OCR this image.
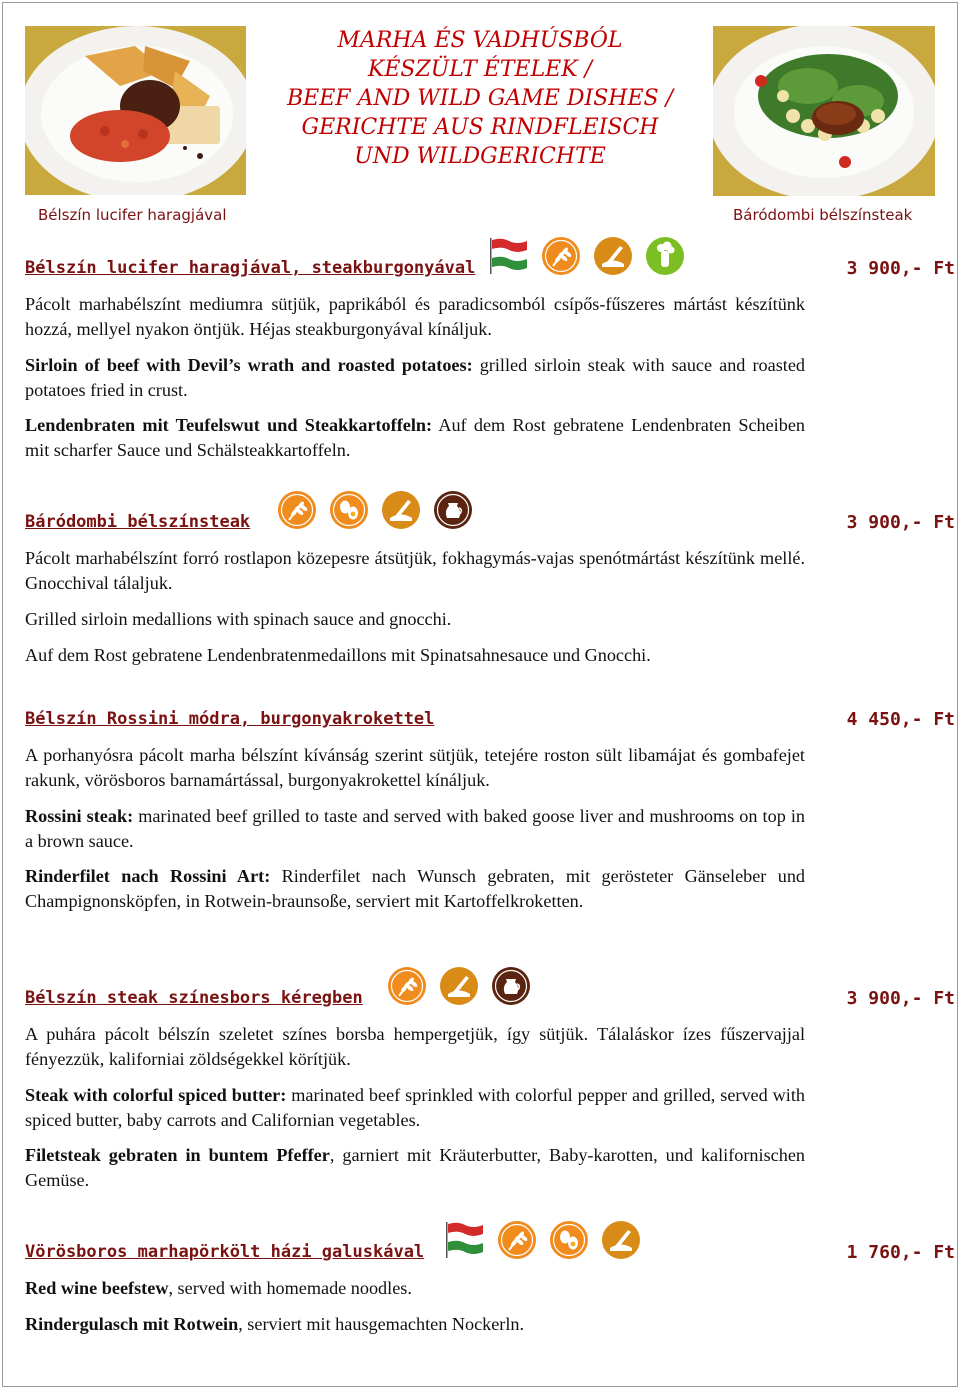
Bélszín lucifer haragjával	Báródombi bélszínsteak
MARHA ÉS VADHÚSBÓL
KÉSZÜLT ÉTELEK /
BEEF AND WILD GAME DISHES /
GERICHTE AUS RINDFLEISCH
UND WILDGERICHTE
Bélszín lucifer haragjával, steakburgonyával	3 900,- Ft
Pácolt marhabélszínt mediumra sütjük, paprikából és paradicsomból csípős-fűszeres mártást készítünk hozzá, mellyel nyakon öntjük. Héjas steakburgonyával kínáljuk.
Sirloin of beef with Devil’s wrath and roasted potatoes: grilled sirloin steak with sauce and roasted potatoes fried in crust.
Lendenbraten mit Teufelswut und Steakkartoffeln: Auf dem Rost gebratene Lendenbraten Scheiben mit scharfer Sauce und Schälsteakkartoffeln.
Báródombi bélszínsteak	3 900,- Ft
Pácolt marhabélszínt forró rostlapon közepesre átsütjük, fokhagymás-vajas spenótmártást készítünk mellé. Gnocchival tálaljuk.
Grilled sirloin medallions with spinach sauce and gnocchi.
Auf dem Rost gebratene Lendenbratenmedaillons mit Spinatsahnesauce und Gnocchi.
Bélszín Rossini módra, burgonyakrokettel	4 450,- Ft
A porhanyósra pácolt marha bélszínt kívánság szerint sütjük, tetejére roston sült libamájat és gombafejet rakunk, vörösboros barnamártással, burgonyakrokettel kínáljuk.
Rossini steak: marinated beef grilled to taste and served with baked goose liver and mushrooms on top in a brown sauce.
Rinderfilet nach Rossini Art: Rinderfilet nach Wunsch gebraten, mit gerösteter Gänseleber und Champignonsköpfen, in Rotwein-braunsoße, serviert mit Kartoffelkroketten.
Bélszín steak színesbors kéregben	3 900,- Ft
A puhára pácolt bélszín szeletet színes borsba hempergetjük, így sütjük. Tálaláskor ízes fűszervajjal fényezzük, kaliforniai zöldségekkel körítjük.
Steak with colorful spiced butter: marinated beef sprinkled with colorful pepper and grilled, served with spiced butter, baby carrots and Californian vegetables.
Filetsteak gebraten in buntem Pfeffer, garniert mit Kräuterbutter, Baby-karotten, und kalifornischen Gemüse.
Vörösboros marhapörkölt házi galuskával	1 760,- Ft
Red wine beefstew, served with homemade noodles.
Rindergulasch mit Rotwein, serviert mit hausgemachten Nockerln.
